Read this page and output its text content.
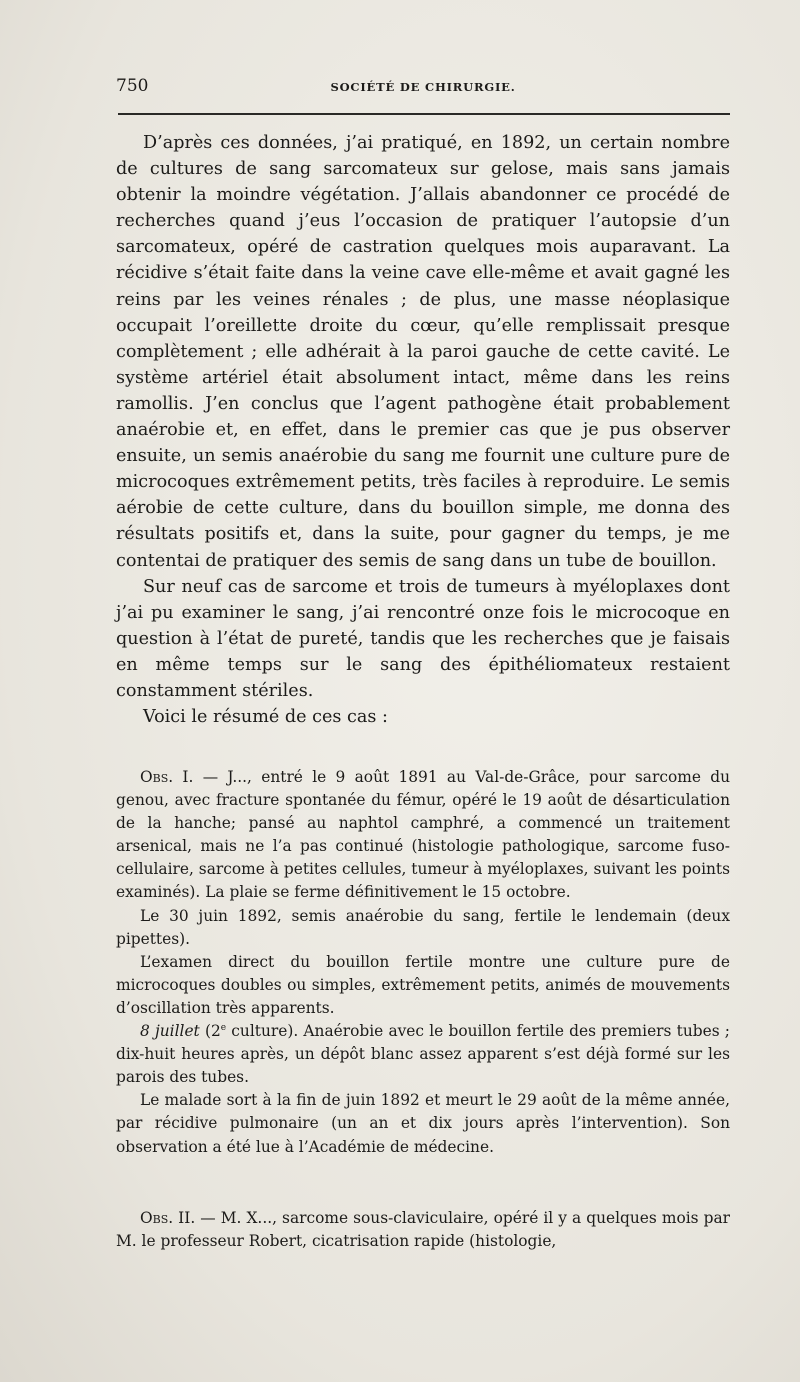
750	SOCIÉTÉ DE CHIRURGIE.

D’après ces données, j’ai pratiqué, en 1892, un certain nombre de cultures de sang sarcomateux sur gelose, mais sans jamais obtenir la moindre végétation. J’allais abandonner ce procédé de recherches quand j’eus l’occasion de pratiquer l’autopsie d’un sarcomateux, opéré de castration quelques mois auparavant. La récidive s’était faite dans la veine cave elle-même et avait gagné les reins par les veines rénales ; de plus, une masse néoplasique occupait l’oreillette droite du cœur, qu’elle remplissait presque complètement ; elle adhérait à la paroi gauche de cette cavité. Le système artériel était absolument intact, même dans les reins ramollis. J’en conclus que l’agent pathogène était probablement anaérobie et, en effet, dans le premier cas que je pus observer ensuite, un semis anaérobie du sang me fournit une culture pure de microcoques extrêmement petits, très faciles à reproduire. Le semis aérobie de cette culture, dans du bouillon simple, me donna des résultats positifs et, dans la suite, pour gagner du temps, je me contentai de pratiquer des semis de sang dans un tube de bouillon.

Sur neuf cas de sarcome et trois de tumeurs à myéloplaxes dont j’ai pu examiner le sang, j’ai rencontré onze fois le microcoque en question à l’état de pureté, tandis que les recherches que je faisais en même temps sur le sang des épithéliomateux restaient constamment stériles.

Voici le résumé de ces cas :

Obs. I. — J..., entré le 9 août 1891 au Val-de-Grâce, pour sarcome du genou, avec fracture spontanée du fémur, opéré le 19 août de désarticulation de la hanche; pansé au naphtol camphré, a commencé un traitement arsenical, mais ne l’a pas continué (histologie pathologique, sarcome fuso-cellulaire, sarcome à petites cellules, tumeur à myéloplaxes, suivant les points examinés). La plaie se ferme définitivement le 15 octobre.

Le 30 juin 1892, semis anaérobie du sang, fertile le lendemain (deux pipettes).

L’examen direct du bouillon fertile montre une culture pure de microcoques doubles ou simples, extrêmement petits, animés de mouvements d’oscillation très apparents.

8 juillet (2e culture). Anaérobie avec le bouillon fertile des premiers tubes ; dix-huit heures après, un dépôt blanc assez apparent s’est déjà formé sur les parois des tubes.

Le malade sort à la fin de juin 1892 et meurt le 29 août de la même année, par récidive pulmonaire (un an et dix jours après l’intervention). Son observation a été lue à l’Académie de médecine.

Obs. II. — M. X..., sarcome sous-claviculaire, opéré il y a quelques mois par M. le professeur Robert, cicatrisation rapide (histologie,
